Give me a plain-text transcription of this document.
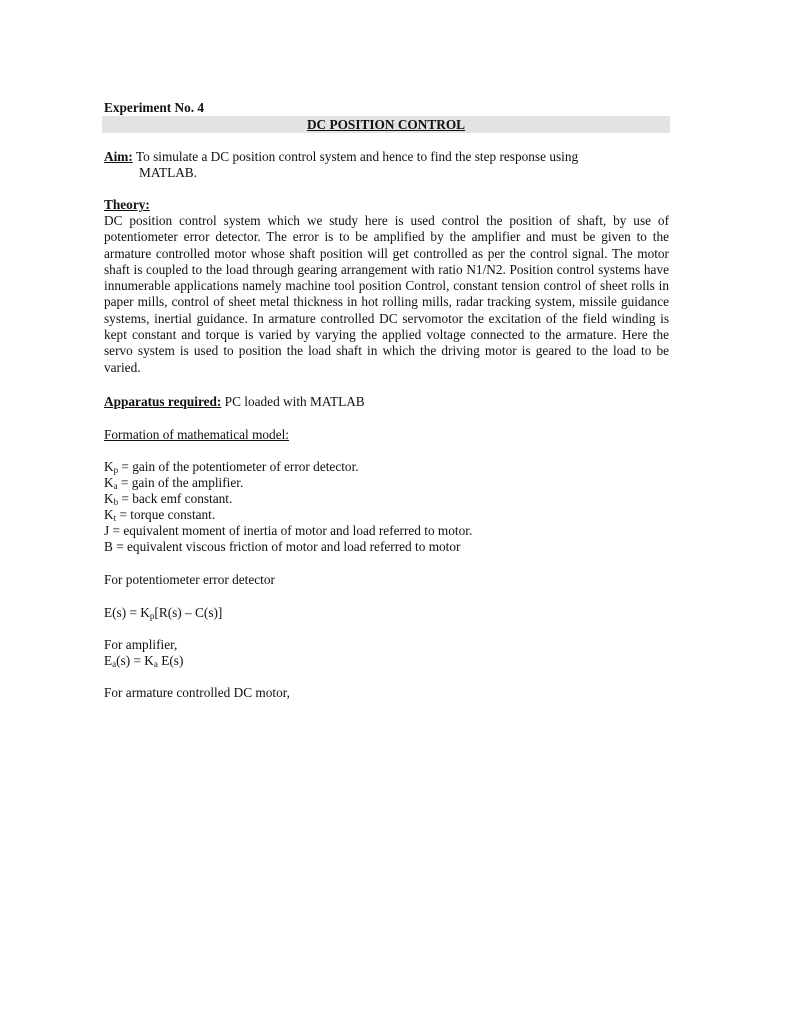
Experiment No. 4
DC POSITION CONTROL
Aim: To simulate a DC position control system and hence to find the step response using
MATLAB.
Theory:
DC position control system which we study here is used control the position of shaft, by use of potentiometer error detector. The error is to be amplified by the amplifier and must be given to the armature controlled motor whose shaft position will get controlled as per the control signal. The motor shaft is coupled to the load through gearing arrangement with ratio N1/N2. Position control systems have innumerable applications namely machine tool position Control, constant tension control of sheet rolls in paper mills, control of sheet metal thickness in hot rolling mills, radar tracking system, missile guidance systems, inertial guidance. In armature controlled DC servomotor the excitation of the field winding is kept constant and torque is varied by varying the applied voltage connected to the armature. Here the servo system is used to position the load shaft in which the driving motor is geared to the load to be varied.
Apparatus required: PC loaded with MATLAB
Formation of mathematical model:
$K_p$ = gain of the potentiometer of error detector.
$K_a$ = gain of the amplifier.
$K_b$ = back emf constant.
$K_t$ = torque constant.
J = equivalent moment of inertia of motor and load referred to motor.
B = equivalent viscous friction of motor and load referred to motor
For potentiometer error detector
$E(s) = K_p[R(s) - C(s)]$
For amplifier,
$E_a(s) = K_a$ E(s)
For armature controlled DC motor,
